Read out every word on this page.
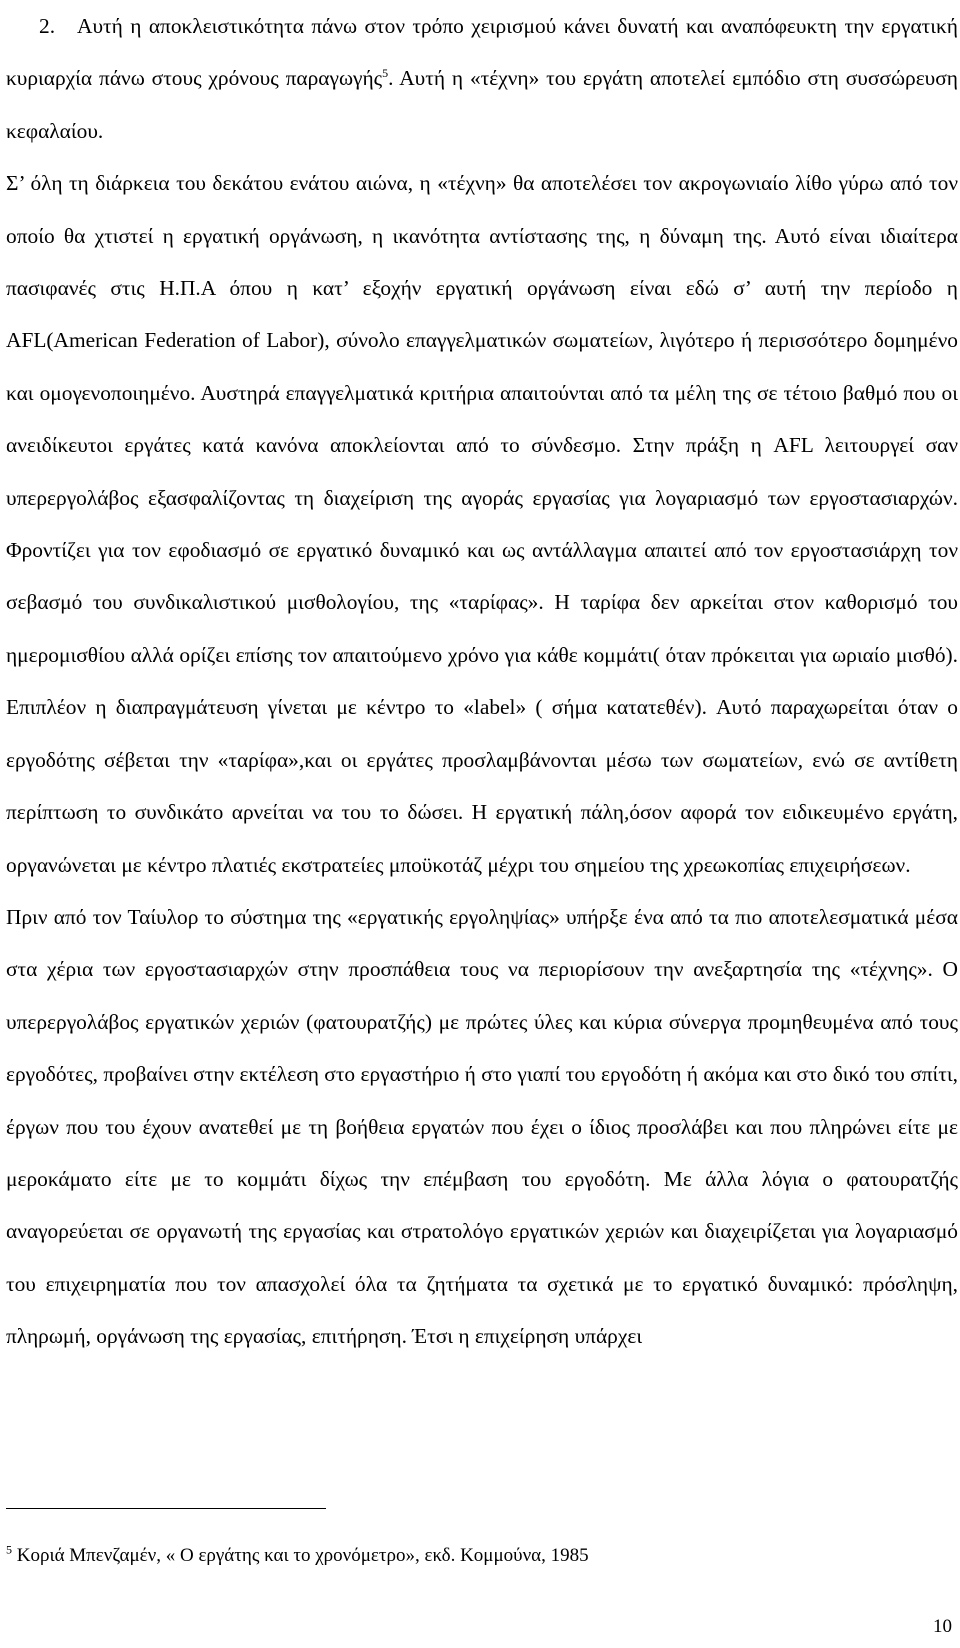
2. Αυτή η αποκλειστικότητα πάνω στον τρόπο χειρισμού κάνει δυνατή και αναπόφευκτη την εργατική κυριαρχία πάνω στους χρόνους παραγωγής$^5$. Αυτή η «τέχνη» του εργάτη αποτελεί εμπόδιο στη συσσώρευση κεφαλαίου.

Σ’ όλη τη διάρκεια του δεκάτου ενάτου αιώνα, η «τέχνη» θα αποτελέσει τον ακρογωνιαίο λίθο γύρω από τον οποίο θα χτιστεί η εργατική οργάνωση, η ικανότητα αντίστασης της, η δύναμη της. Αυτό είναι ιδιαίτερα πασιφανές στις Η.Π.Α όπου η κατ’ εξοχήν εργατική οργάνωση είναι εδώ σ’ αυτή την περίοδο η AFL(American Federation of Labor), σύνολο επαγγελματικών σωματείων, λιγότερο ή περισσότερο δομημένο και ομογενοποιημένο. Αυστηρά επαγγελματικά κριτήρια απαιτούνται από τα μέλη της σε τέτοιο βαθμό που οι ανειδίκευτοι εργάτες κατά κανόνα αποκλείονται από το σύνδεσμο. Στην πράξη η AFL λειτουργεί σαν υπερεργολάβος εξασφαλίζοντας τη διαχείριση της αγοράς εργασίας για λογαριασμό των εργοστασιαρχών. Φροντίζει για τον εφοδιασμό σε εργατικό δυναμικό και ως αντάλλαγμα απαιτεί από τον εργοστασιάρχη τον σεβασμό του συνδικαλιστικού μισθολογίου, της «ταρίφας». Η ταρίφα δεν αρκείται στον καθορισμό του ημερομισθίου αλλά ορίζει επίσης τον απαιτούμενο χρόνο για κάθε κομμάτι( όταν πρόκειται για ωριαίο μισθό). Επιπλέον η διαπραγμάτευση γίνεται με κέντρο το «label» ( σήμα κατατεθέν). Αυτό παραχωρείται όταν ο εργοδότης σέβεται την «ταρίφα»,και οι εργάτες προσλαμβάνονται μέσω των σωματείων, ενώ σε αντίθετη περίπτωση το συνδικάτο αρνείται να του το δώσει. Η εργατική πάλη,όσον αφορά τον ειδικευμένο εργάτη, οργανώνεται με κέντρο πλατιές εκστρατείες μποϋκοτάζ μέχρι του σημείου της χρεωκοπίας επιχειρήσεων.

Πριν από τον Ταίυλορ το σύστημα της «εργατικής εργοληψίας» υπήρξε ένα από τα πιο αποτελεσματικά μέσα στα χέρια των εργοστασιαρχών στην προσπάθεια τους να περιορίσουν την ανεξαρτησία της «τέχνης». Ο υπερεργολάβος εργατικών χεριών (φατουρατζής) με πρώτες ύλες και κύρια σύνεργα προμηθευμένα από τους εργοδότες, προβαίνει στην εκτέλεση στο εργαστήριο ή στο γιαπί του εργοδότη ή ακόμα και στο δικό του σπίτι, έργων που του έχουν ανατεθεί με τη βοήθεια εργατών που έχει ο ίδιος προσλάβει και που πληρώνει είτε με μεροκάματο είτε με το κομμάτι δίχως την επέμβαση του εργοδότη. Με άλλα λόγια ο φατουρατζής αναγορεύεται σε οργανωτή της εργασίας και στρατολόγο εργατικών χεριών και διαχειρίζεται για λογαριασμό του επιχειρηματία που τον απασχολεί όλα τα ζητήματα τα σχετικά με το εργατικό δυναμικό: πρόσληψη, πληρωμή, οργάνωση της εργασίας, επιτήρηση. Έτσι η επιχείρηση υπάρχει

$^5$ Κοριά Μπενζαμέν, « Ο εργάτης και το χρονόμετρο», εκδ. Κομμούνα, 1985
10
